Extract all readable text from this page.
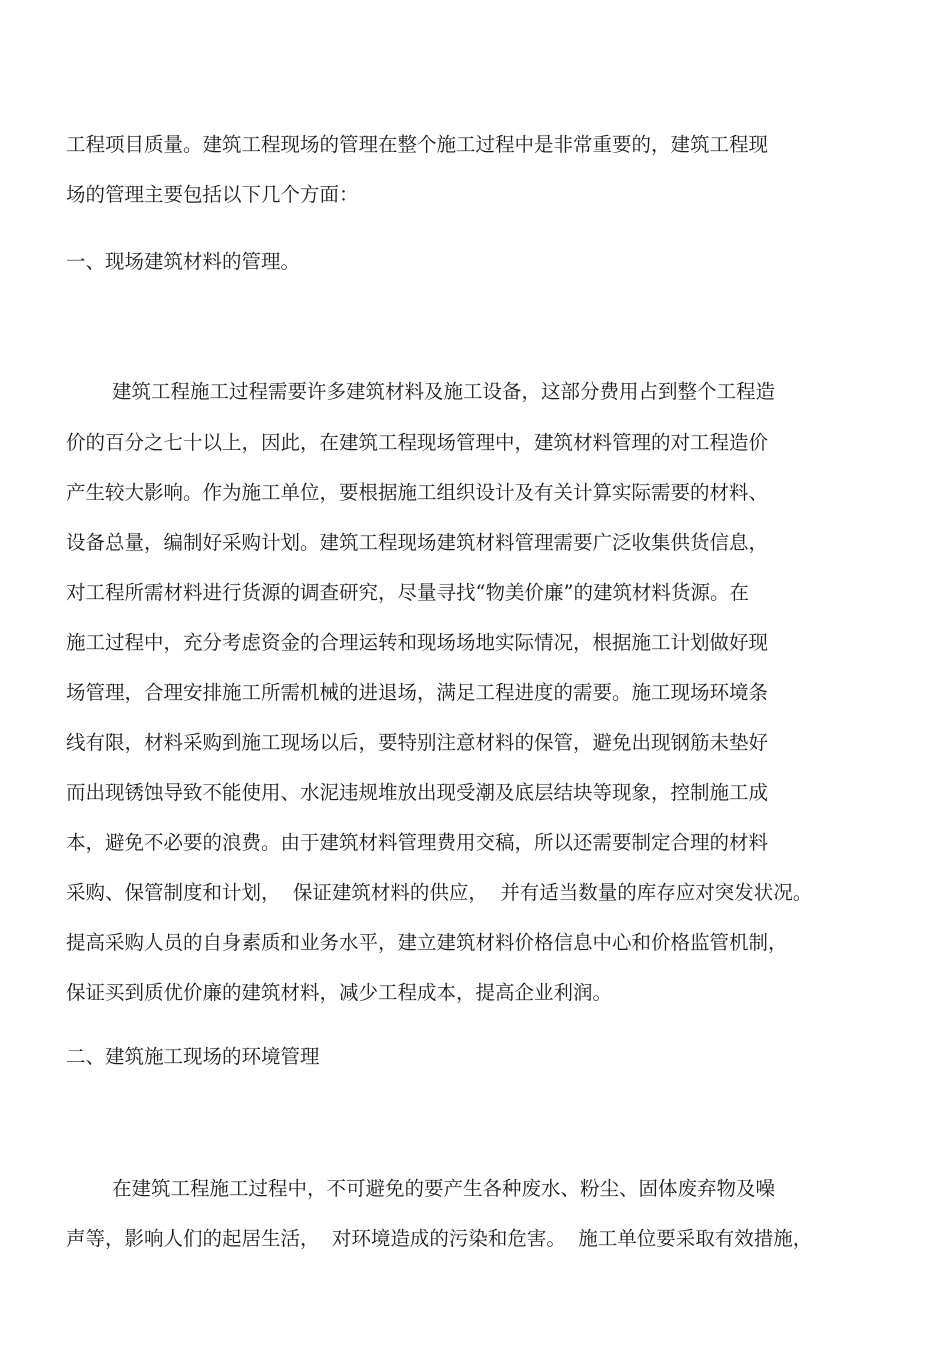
工程项目质量。建筑工程现场的管理在整个施工过程中是非常重要的，建筑工程现
场的管理主要包括以下几个方面：
一、现场建筑材料的管理。
建筑工程施工过程需要许多建筑材料及施工设备，这部分费用占到整个工程造
价的百分之七十以上，因此，在建筑工程现场管理中，建筑材料管理的对工程造价
产生较大影响。作为施工单位，要根据施工组织设计及有关计算实际需要的材料、
设备总量，编制好采购计划。建筑工程现场建筑材料管理需要广泛收集供货信息，
对工程所需材料进行货源的调查研究，尽量寻找“物美价廉”的建筑材料货源。在
施工过程中，充分考虑资金的合理运转和现场场地实际情况，根据施工计划做好现
场管理，合理安排施工所需机械的进退场，满足工程进度的需要。施工现场环境条
线有限，材料采购到施工现场以后，要特别注意材料的保管，避免出现钢筋未垫好
而出现锈蚀导致不能使用、水泥违规堆放出现受潮及底层结块等现象，控制施工成
本，避免不必要的浪费。由于建筑材料管理费用交稿，所以还需要制定合理的材料
采购、保管制度和计划，  保证建筑材料的供应，  并有适当数量的库存应对突发状况。
提高采购人员的自身素质和业务水平，建立建筑材料价格信息中心和价格监管机制，
保证买到质优价廉的建筑材料，减少工程成本，提高企业利润。
二、建筑施工现场的环境管理
在建筑工程施工过程中，不可避免的要产生各种废水、粉尘、固体废弃物及噪
声等，影响人们的起居生活，  对环境造成的污染和危害。  施工单位要采取有效措施，
